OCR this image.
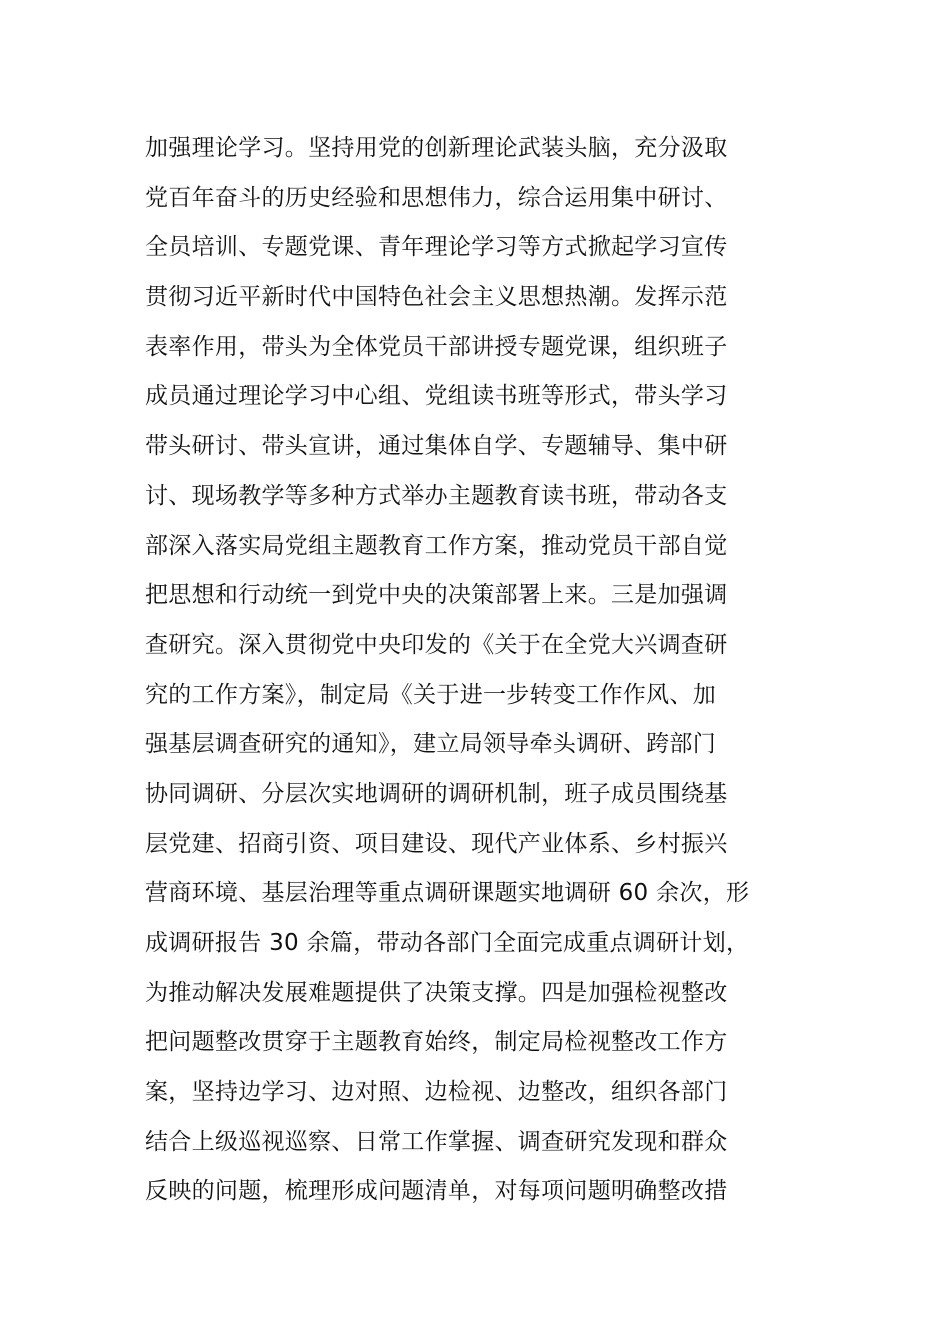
加强理论学习。坚持用党的创新理论武装头脑，充分汲取
党百年奋斗的历史经验和思想伟力，综合运用集中研讨、
全员培训、专题党课、青年理论学习等方式掀起学习宣传
贯彻习近平新时代中国特色社会主义思想热潮。发挥示范
表率作用，带头为全体党员干部讲授专题党课，组织班子
成员通过理论学习中心组、党组读书班等形式，带头学习
带头研讨、带头宣讲，通过集体自学、专题辅导、集中研
讨、现场教学等多种方式举办主题教育读书班，带动各支
部深入落实局党组主题教育工作方案，推动党员干部自觉
把思想和行动统一到党中央的决策部署上来。三是加强调
查研究。深入贯彻党中央印发的《关于在全党大兴调查研
究的工作方案》，制定局《关于进一步转变工作作风、加
强基层调查研究的通知》，建立局领导牵头调研、跨部门
协同调研、分层次实地调研的调研机制，班子成员围绕基
层党建、招商引资、项目建设、现代产业体系、乡村振兴
营商环境、基层治理等重点调研课题实地调研 60 余次，形
成调研报告 30 余篇，带动各部门全面完成重点调研计划，
为推动解决发展难题提供了决策支撑。四是加强检视整改
把问题整改贯穿于主题教育始终，制定局检视整改工作方
案，坚持边学习、边对照、边检视、边整改，组织各部门
结合上级巡视巡察、日常工作掌握、调查研究发现和群众
反映的问题，梳理形成问题清单，对每项问题明确整改措
